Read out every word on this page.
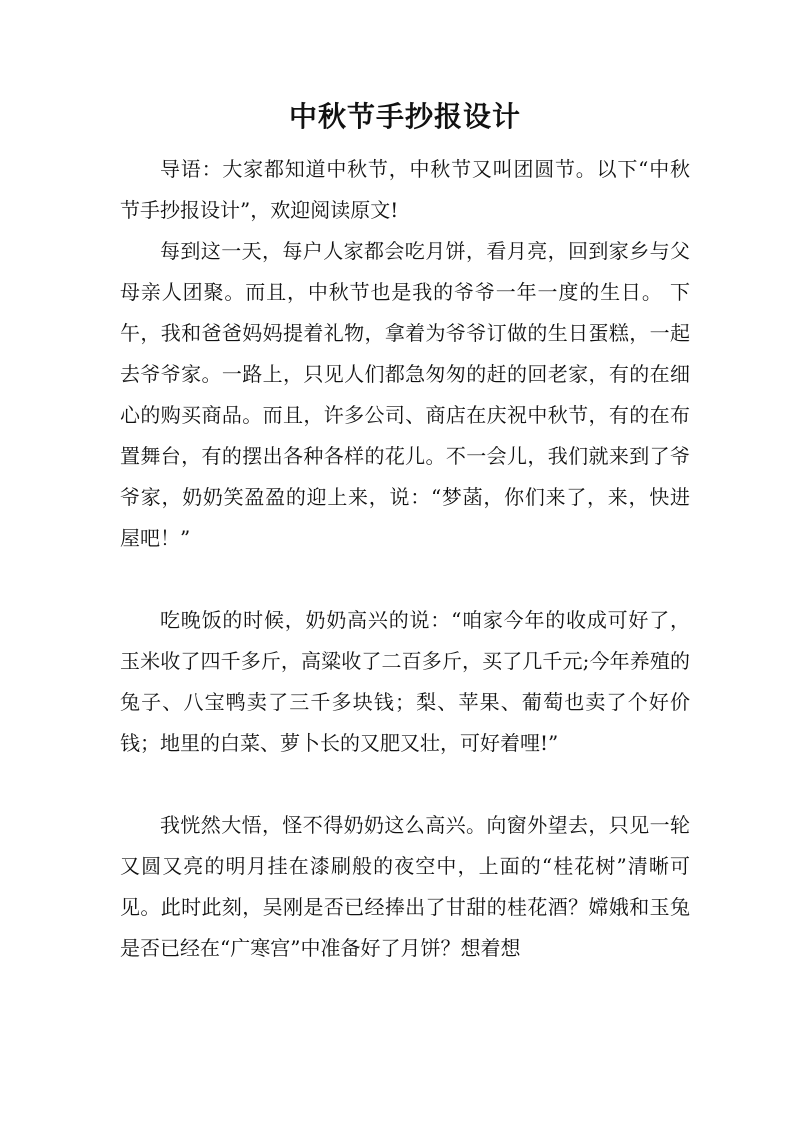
中秋节手抄报设计

导语：大家都知道中秋节，中秋节又叫团圆节。以下“中秋节手抄报设计”，欢迎阅读原文!

每到这一天，每户人家都会吃月饼，看月亮，回到家乡与父母亲人团聚。而且，中秋节也是我的爷爷一年一度的生日。 下午，我和爸爸妈妈提着礼物，拿着为爷爷订做的生日蛋糕，一起去爷爷家。一路上，只见人们都急匆匆的赶的回老家，有的在细心的购买商品。而且，许多公司、商店在庆祝中秋节，有的在布置舞台，有的摆出各种各样的花儿。不一会儿，我们就来到了爷爷家，奶奶笑盈盈的迎上来，说：“梦菡，你们来了，来，快进屋吧！”

吃晚饭的时候，奶奶高兴的说：“咱家今年的收成可好了，玉米收了四千多斤，高粱收了二百多斤，买了几千元;今年养殖的兔子、八宝鸭卖了三千多块钱；梨、苹果、葡萄也卖了个好价钱；地里的白菜、萝卜长的又肥又壮，可好着哩!”

我恍然大悟，怪不得奶奶这么高兴。向窗外望去，只见一轮又圆又亮的明月挂在漆刷般的夜空中，上面的“桂花树”清晰可见。此时此刻，吴刚是否已经捧出了甘甜的桂花酒？嫦娥和玉兔是否已经在“广寒宫”中准备好了月饼？想着想
